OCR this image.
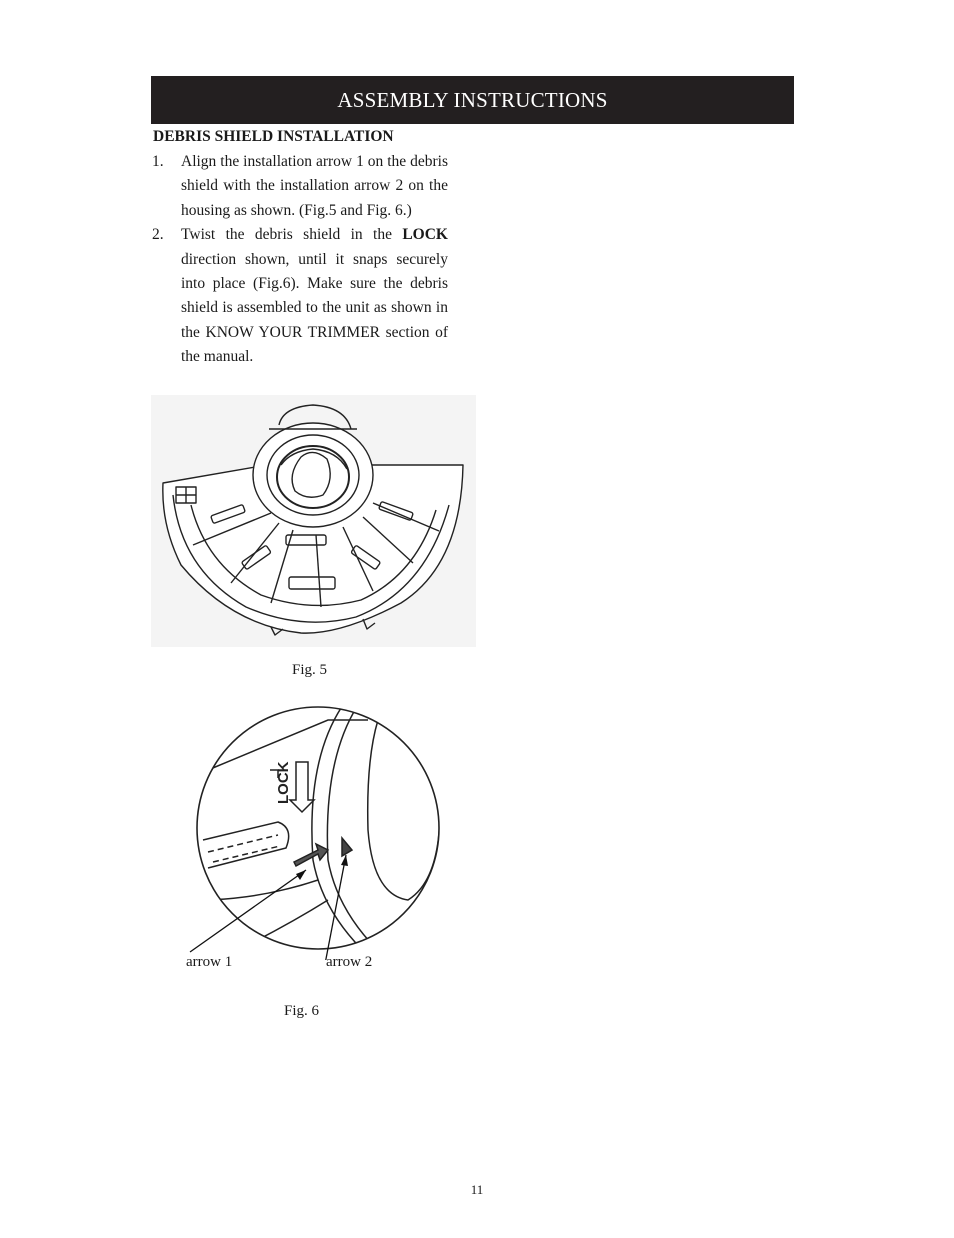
ASSEMBLY INSTRUCTIONS
DEBRIS SHIELD INSTALLATION
1. Align the installation arrow 1 on the debris shield with the installation arrow 2 on the housing as shown. (Fig.5 and Fig. 6.)
2. Twist the debris shield in the LOCK direction shown, until it snaps securely into place (Fig.6). Make sure the debris shield is assembled to the unit as shown in the KNOW YOUR TRIMMER section of the manual.
Fig. 5
LOCK
arrow 1	arrow 2
Fig. 6
11
